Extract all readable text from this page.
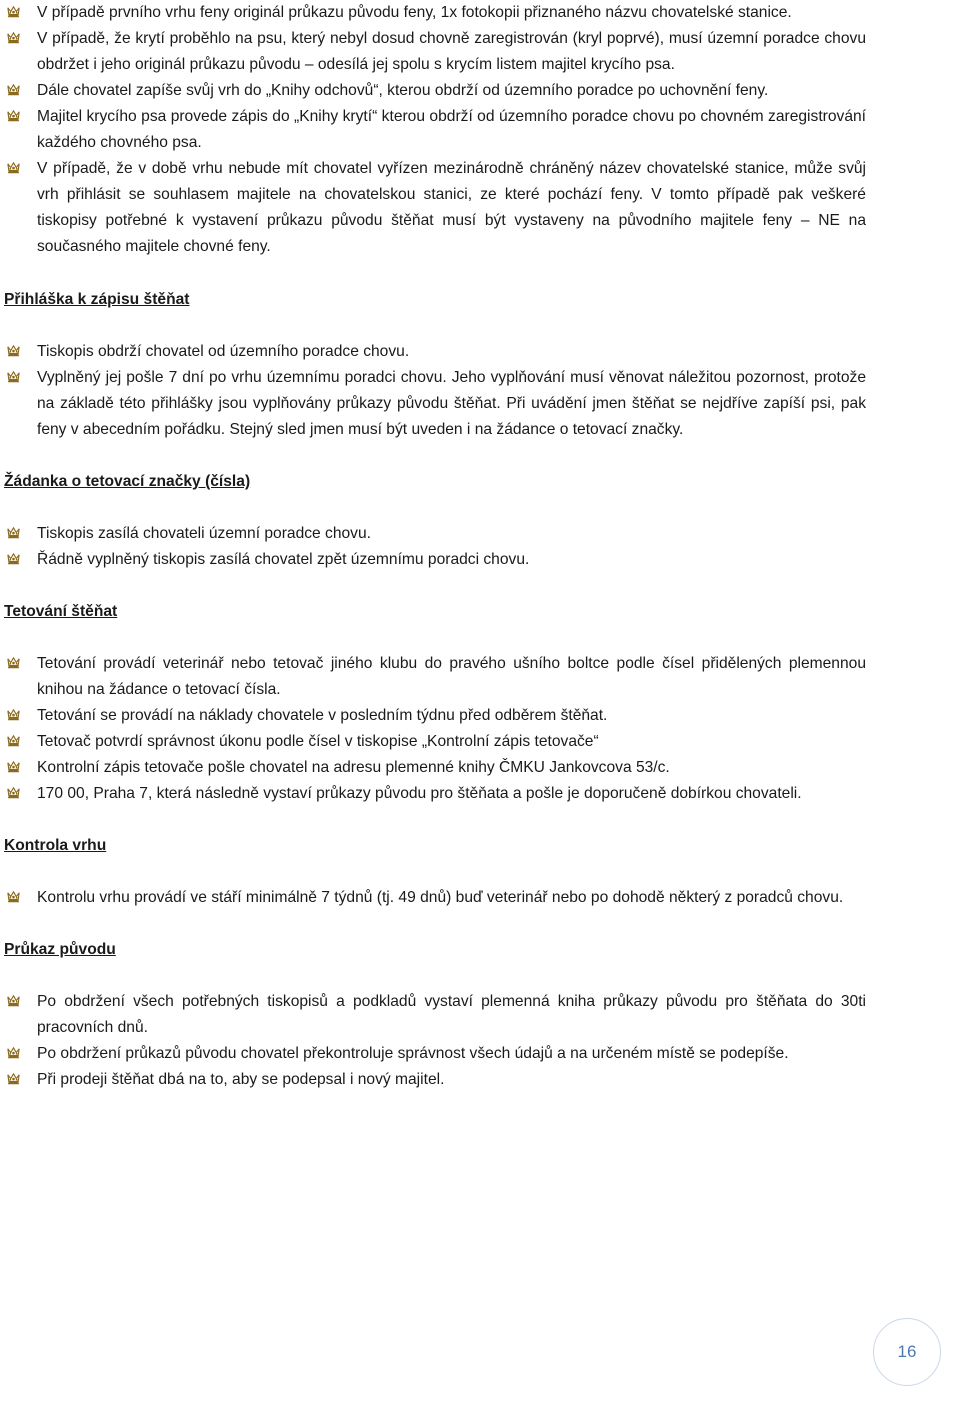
V případě prvního vrhu feny originál průkazu původu feny, 1x fotokopii přiznaného názvu chovatelské stanice.
V případě, že krytí proběhlo na psu, který nebyl dosud chovně zaregistrován (kryl poprvé), musí územní poradce chovu obdržet i jeho originál průkazu původu – odesílá jej spolu s krycím listem majitel krycího psa.
Dále chovatel zapíše svůj vrh do „Knihy odchovů“, kterou obdrží od územního poradce po uchovnění feny.
Majitel krycího psa provede zápis do „Knihy krytí“ kterou obdrží od územního poradce chovu po chovném zaregistrování každého chovného psa.
V případě, že v době vrhu nebude mít chovatel vyřízen mezinárodně chráněný název chovatelské stanice, může svůj vrh přihlásit se souhlasem majitele na chovatelskou stanici, ze které pochází feny. V tomto případě pak veškeré tiskopisy potřebné k vystavení průkazu původu štěňat musí být vystaveny na původního majitele feny – NE na současného majitele chovné feny.

Přihláška k zápisu štěňat

Tiskopis obdrží chovatel od územního poradce chovu.
Vyplněný jej pošle 7 dní po vrhu územnímu poradci chovu. Jeho vyplňování musí věnovat náležitou pozornost, protože na základě této přihlášky jsou vyplňovány průkazy původu štěňat. Při uvádění jmen štěňat se nejdříve zapíší psi, pak feny v abecedním pořádku. Stejný sled jmen musí být uveden i na žádance o tetovací značky.

Žádanka o tetovací značky (čísla)

Tiskopis zasílá chovateli územní poradce chovu.
Řádně vyplněný tiskopis zasílá chovatel zpět územnímu poradci chovu.

Tetování štěňat

Tetování provádí veterinář nebo tetovač jiného klubu do pravého ušního boltce podle čísel přidělených plemennou knihou na žádance o tetovací čísla.
Tetování se provádí na náklady chovatele v posledním týdnu před odběrem štěňat.
Tetovač potvrdí správnost úkonu podle čísel v tiskopise „Kontrolní zápis tetovače“
Kontrolní zápis tetovače pošle chovatel na adresu plemenné knihy ČMKU Jankovcova 53/c.
170 00, Praha 7, která následně vystaví průkazy původu pro štěňata a pošle je doporučeně dobírkou chovateli.

Kontrola vrhu

Kontrolu vrhu provádí ve stáří minimálně 7 týdnů (tj. 49 dnů) buď veterinář nebo po dohodě některý z poradců chovu.

Průkaz původu

Po obdržení všech potřebných tiskopisů a podkladů vystaví plemenná kniha průkazy původu pro štěňata do 30ti pracovních dnů.
Po obdržení průkazů původu chovatel překontroluje správnost všech údajů a na určeném místě se podepíše.
Při prodeji štěňat dbá na to, aby se podepsal i nový majitel.
16
